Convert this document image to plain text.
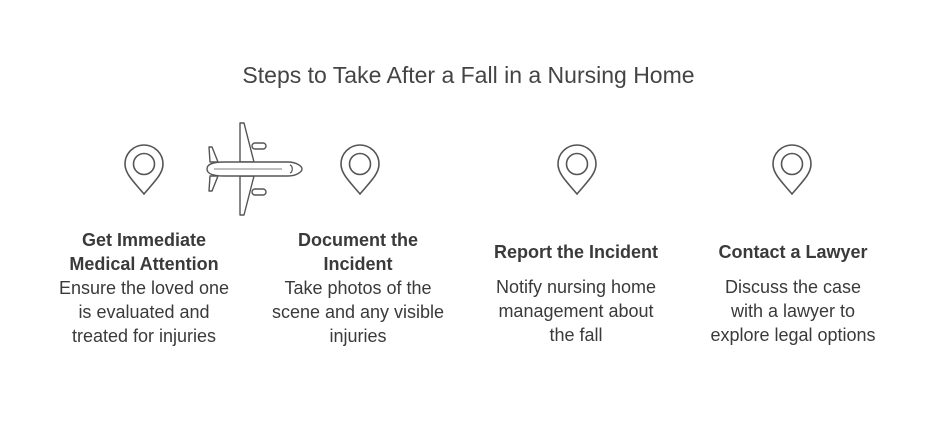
Steps to Take After a Fall in a Nursing Home
Get Immediate
Medical Attention
Ensure the loved one
is evaluated and
treated for injuries
Document the
Incident
Take photos of the
scene and any visible
injuries
Report the Incident
Notify nursing home
management about
the fall
Contact a Lawyer
Discuss the case
with a lawyer to
explore legal options
